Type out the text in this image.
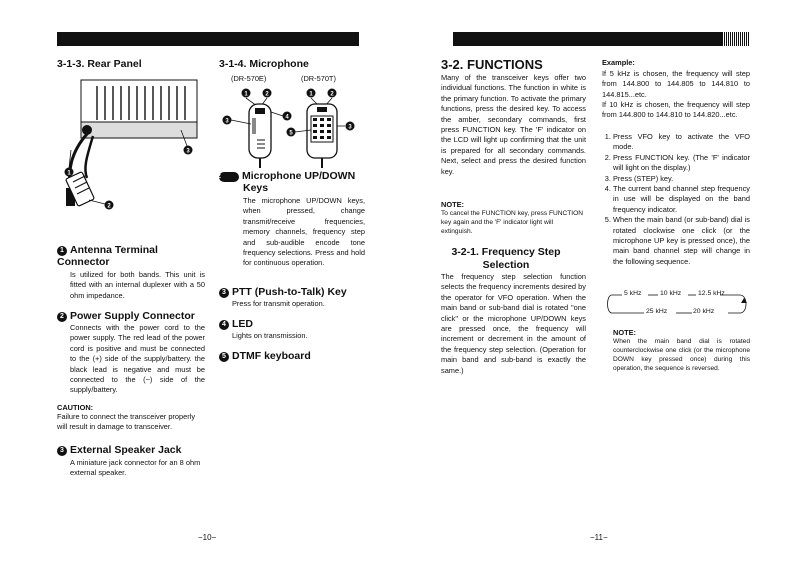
3-1-3. Rear Panel
3
1
2
1 Antenna Terminal Connector
Is utilized for both bands. This unit is fitted with an internal duplexer with a 50 ohm impedance.
2 Power Supply Connector
Connects with the power cord to the power supply. The red lead of the power cord is positive and must be connected to the (+) side of the supply/battery. the black lead is negative and must be connected to the (−) side of the supply/battery.
CAUTION:
Failure to connect the transceiver properly will result in damage to transceiver.
3 External Speaker Jack
A miniature jack connector for an 8 ohm external speaker.
3-1-4. Microphone
(DR-570E)	(DR-570T)
1	2
3
4
1	2
5
3
12 Microphone UP/DOWN Keys
The microphone UP/DOWN keys, when pressed, change transmit/receive frequencies, memory channels, frequency step and sub-audible encode tone frequency selections. Press and hold for continuous operation.
3 PTT (Push-to-Talk) Key
Press for transmit operation.
4 LED
Lights on transmission.
5 DTMF keyboard
−10−
3-2. FUNCTIONS
Many of the transceiver keys offer two individual functions. The function in white is the primary function. To activate the primary functions, press the desired key. To access the amber, secondary commands, first press FUNCTION key. The 'F' indicator on the LCD will light up confirming that the unit is prepared for all secondary commands. Next, select and press the desired function key.
NOTE:
To cancel the FUNCTION key, press FUNCTION key again and the 'F' indicator light will extinguish.
3-2-1. Frequency Step Selection
The frequency step selection function selects the frequency increments desired by the operator for VFO operation. When the main band or sub-band dial is rotated "one click" or the microphone UP/DOWN keys are pressed once, the frequency will increment or decrement in the amount of the frequency step selection. (Operation for main band and sub-band is exactly the same.)
Example:
If 5 kHz is chosen, the frequency will step from 144.800 to 144.805 to 144.810 to 144.815...etc.
If 10 kHz is chosen, the frequency will step from 144.800 to 144.810 to 144.820...etc.
1. Press VFO key to activate the VFO mode.
2. Press FUNCTION key. (The 'F' indicator will light on the display.)
3. Press (STEP) key.
4. The current band channel step frequency in use will be displayed on the band frequency indicator.
5. When the main band (or sub-band) dial is rotated clockwise one click (or the microphone UP key is pressed once), the main band channel step will change in the following sequence.
5 kHz	10 kHz 12.5 kHz
20 kHz
25 kHz
NOTE:
When the main band dial is rotated counterclockwise one click (or the microphone DOWN key pressed once) during this operation, the sequence is reversed.
−11−
